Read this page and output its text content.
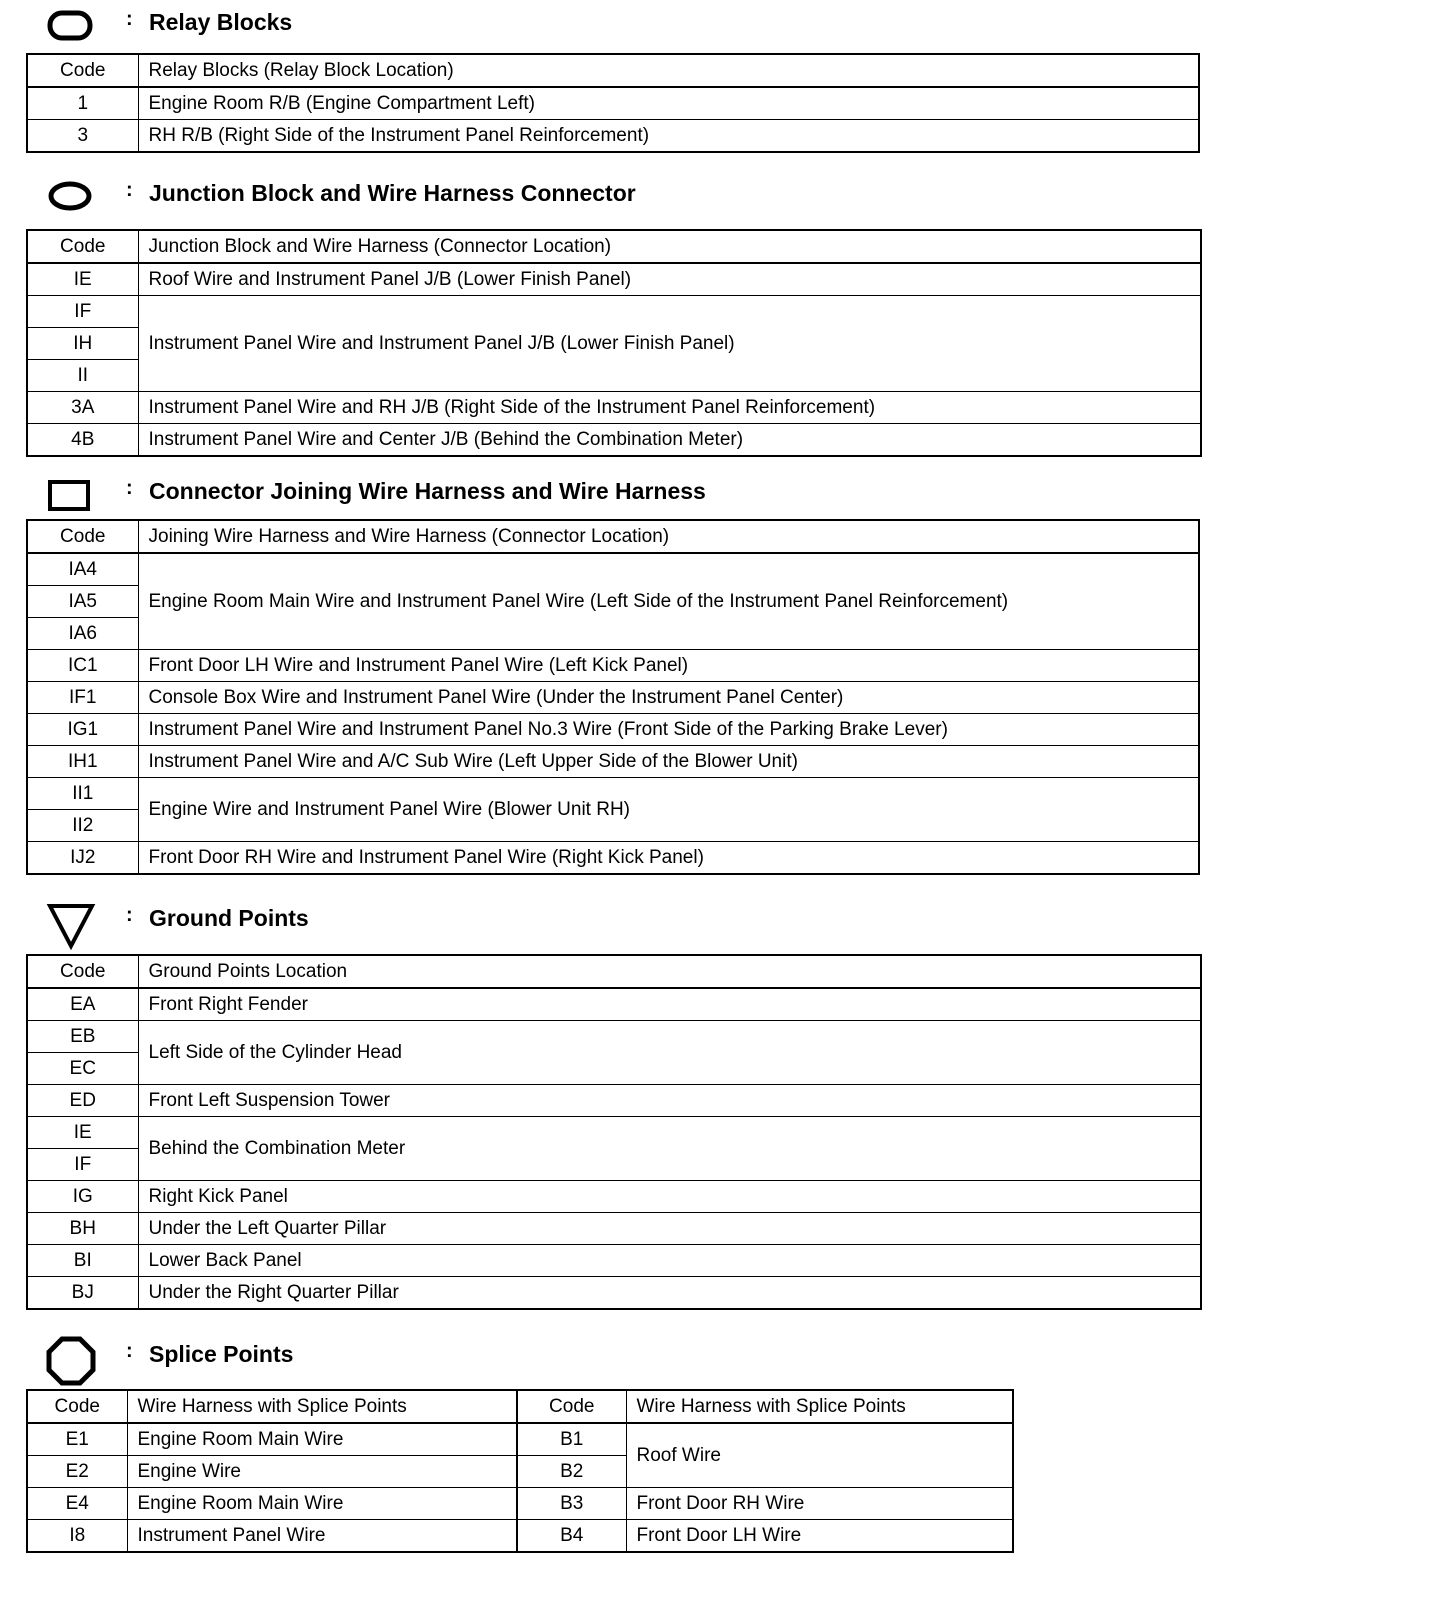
: Relay Blocks
Code	Relay Blocks (Relay Block Location)
1	Engine Room R/B (Engine Compartment Left)
3	RH R/B (Right Side of the Instrument Panel Reinforcement)
: Junction Block and Wire Harness Connector
Code	Junction Block and Wire Harness (Connector Location)
IE	Roof Wire and Instrument Panel J/B (Lower Finish Panel)
IF	Instrument Panel Wire and Instrument Panel J/B (Lower Finish Panel)
IH	
II	
3A	Instrument Panel Wire and RH J/B (Right Side of the Instrument Panel Reinforcement)
4B	Instrument Panel Wire and Center J/B (Behind the Combination Meter)
: Connector Joining Wire Harness and Wire Harness
Code	Joining Wire Harness and Wire Harness (Connector Location)
IA4	Engine Room Main Wire and Instrument Panel Wire (Left Side of the Instrument Panel Reinforcement)
IA5	
IA6	
IC1	Front Door LH Wire and Instrument Panel Wire (Left Kick Panel)
IF1	Console Box Wire and Instrument Panel Wire (Under the Instrument Panel Center)
IG1	Instrument Panel Wire and Instrument Panel No.3 Wire (Front Side of the Parking Brake Lever)
IH1	Instrument Panel Wire and A/C Sub Wire (Left Upper Side of the Blower Unit)
II1	Engine Wire and Instrument Panel Wire (Blower Unit RH)
II2	
IJ2	Front Door RH Wire and Instrument Panel Wire (Right Kick Panel)
: Ground Points
Code	Ground Points Location
EA	Front Right Fender
EB	Left Side of the Cylinder Head
EC	
ED	Front Left Suspension Tower
IE	Behind the Combination Meter
IF	
IG	Right Kick Panel
BH	Under the Left Quarter Pillar
BI	Lower Back Panel
BJ	Under the Right Quarter Pillar
: Splice Points
Code	Wire Harness with Splice Points	Code	Wire Harness with Splice Points
E1	Engine Room Main Wire	B1	Roof Wire
E2	Engine Wire	B2	
E4	Engine Room Main Wire	B3	Front Door RH Wire
I8	Instrument Panel Wire	B4	Front Door LH Wire
